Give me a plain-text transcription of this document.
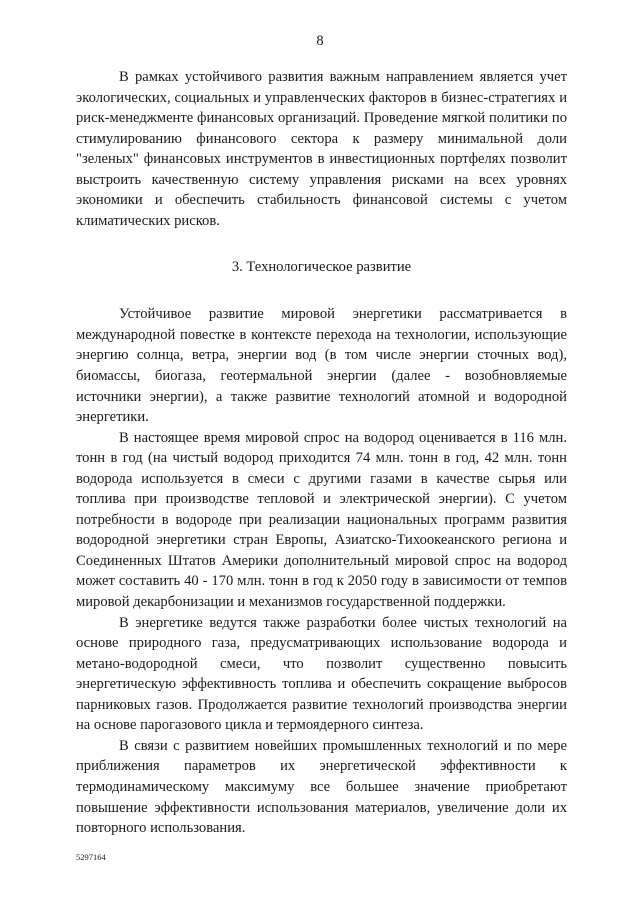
8

В рамках устойчивого развития важным направлением является учет экологических, социальных и управленческих факторов в бизнес-стратегиях и риск-менеджменте финансовых организаций. Проведение мягкой политики по стимулированию финансового сектора к размеру минимальной доли "зеленых" финансовых инструментов в инвестиционных портфелях позволит выстроить качественную систему управления рисками на всех уровнях экономики и обеспечить стабильность финансовой системы с учетом климатических рисков.

3. Технологическое развитие

Устойчивое развитие мировой энергетики рассматривается в международной повестке в контексте перехода на технологии, использующие энергию солнца, ветра, энергии вод (в том числе энергии сточных вод), биомассы, биогаза, геотермальной энергии (далее - возобновляемые источники энергии), а также развитие технологий атомной и водородной энергетики.

В настоящее время мировой спрос на водород оценивается в 116 млн. тонн в год (на чистый водород приходится 74 млн. тонн в год, 42 млн. тонн водорода используется в смеси с другими газами в качестве сырья или топлива при производстве тепловой и электрической энергии). С учетом потребности в водороде при реализации национальных программ развития водородной энергетики стран Европы, Азиатско-Тихоокеанского региона и Соединенных Штатов Америки дополнительный мировой спрос на водород может составить 40 - 170 млн. тонн в год к 2050 году в зависимости от темпов мировой декарбонизации и механизмов государственной поддержки.

В энергетике ведутся также разработки более чистых технологий на основе природного газа, предусматривающих использование водорода и метано-водородной смеси, что позволит существенно повысить энергетическую эффективность топлива и обеспечить сокращение выбросов парниковых газов. Продолжается развитие технологий производства энергии на основе парогазового цикла и термоядерного синтеза.

В связи с развитием новейших промышленных технологий и по мере приближения параметров их энергетической эффективности к термодинамическому максимуму все большее значение приобретают повышение эффективности использования материалов, увеличение доли их повторного использования.

5297164
